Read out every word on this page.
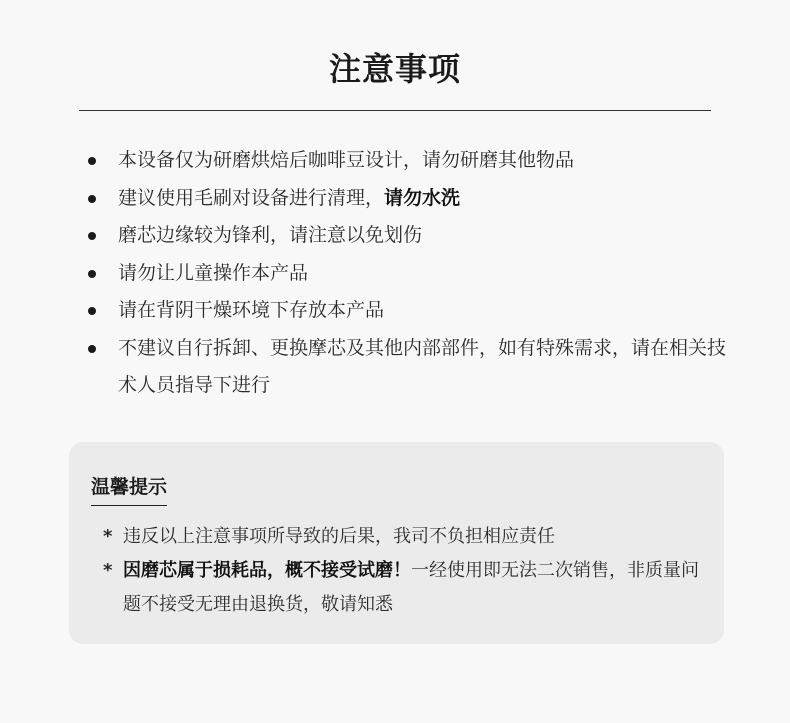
注意事项
本设备仅为研磨烘焙后咖啡豆设计，请勿研磨其他物品
建议使用毛刷对设备进行清理，请勿水洗
磨芯边缘较为锋利，请注意以免划伤
请勿让儿童操作本产品
请在背阴干燥环境下存放本产品
不建议自行拆卸、更换摩芯及其他内部部件，如有特殊需求，请在相关技术人员指导下进行
温馨提示
* 违反以上注意事项所导致的后果，我司不负担相应责任
* 因磨芯属于损耗品，概不接受试磨！一经使用即无法二次销售，非质量问题不接受无理由退换货，敬请知悉
